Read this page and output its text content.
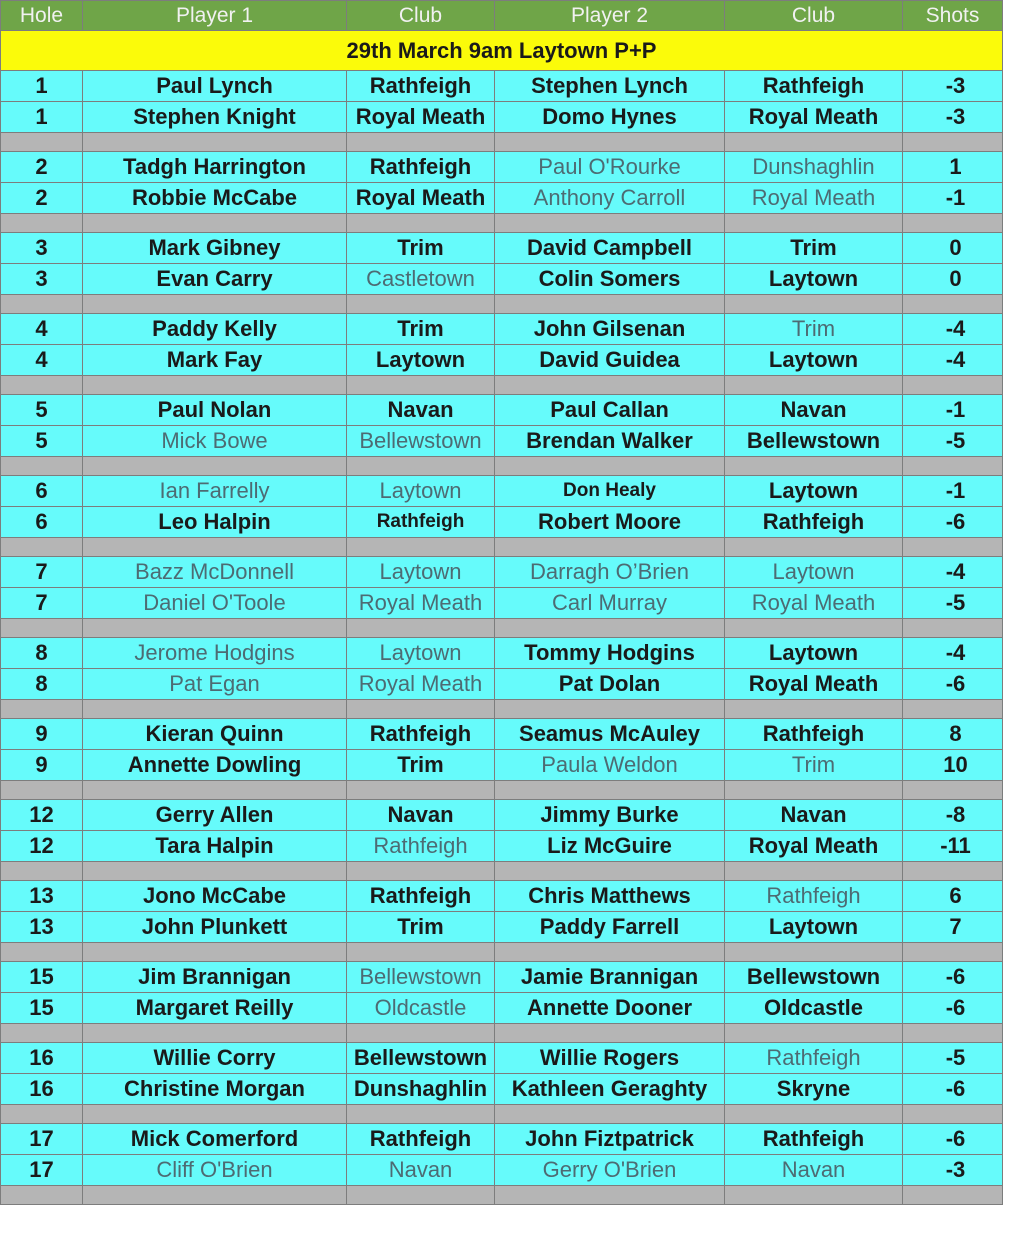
Hole	Player 1	Club	Player 2	Club	Shots
29th March 9am Laytown P+P					
1	Paul Lynch	Rathfeigh	Stephen Lynch	Rathfeigh	-3
1	Stephen Knight	Royal Meath	Domo Hynes	Royal Meath	-3

2	Tadgh Harrington	Rathfeigh	Paul O'Rourke	Dunshaghlin	1
2	Robbie McCabe	Royal Meath	Anthony Carroll	Royal Meath	-1

3	Mark Gibney	Trim	David Campbell	Trim	0
3	Evan Carry	Castletown	Colin Somers	Laytown	0

4	Paddy Kelly	Trim	John Gilsenan	Trim	-4
4	Mark Fay	Laytown	David Guidea	Laytown	-4

5	Paul Nolan	Navan	Paul Callan	Navan	-1
5	Mick Bowe	Bellewstown	Brendan Walker	Bellewstown	-5

6	Ian Farrelly	Laytown	Don Healy	Laytown	-1
6	Leo Halpin	Rathfeigh	Robert Moore	Rathfeigh	-6

7	Bazz McDonnell	Laytown	Darragh O’Brien	Laytown	-4
7	Daniel O'Toole	Royal Meath	Carl Murray	Royal Meath	-5

8	Jerome Hodgins	Laytown	Tommy Hodgins	Laytown	-4
8	Pat Egan	Royal Meath	Pat Dolan	Royal Meath	-6

9	Kieran Quinn	Rathfeigh	Seamus McAuley	Rathfeigh	8
9	Annette Dowling	Trim	Paula Weldon	Trim	10

12	Gerry Allen	Navan	Jimmy Burke	Navan	-8
12	Tara Halpin	Rathfeigh	Liz McGuire	Royal Meath	-11

13	Jono McCabe	Rathfeigh	Chris Matthews	Rathfeigh	6
13	John Plunkett	Trim	Paddy Farrell	Laytown	7

15	Jim Brannigan	Bellewstown	Jamie Brannigan	Bellewstown	-6
15	Margaret Reilly	Oldcastle	Annette Dooner	Oldcastle	-6

16	Willie Corry	Bellewstown	Willie Rogers	Rathfeigh	-5
16	Christine Morgan	Dunshaghlin	Kathleen Geraghty	Skryne	-6

17	Mick Comerford	Rathfeigh	John Fiztpatrick	Rathfeigh	-6
17	Cliff O'Brien	Navan	Gerry O'Brien	Navan	-3
